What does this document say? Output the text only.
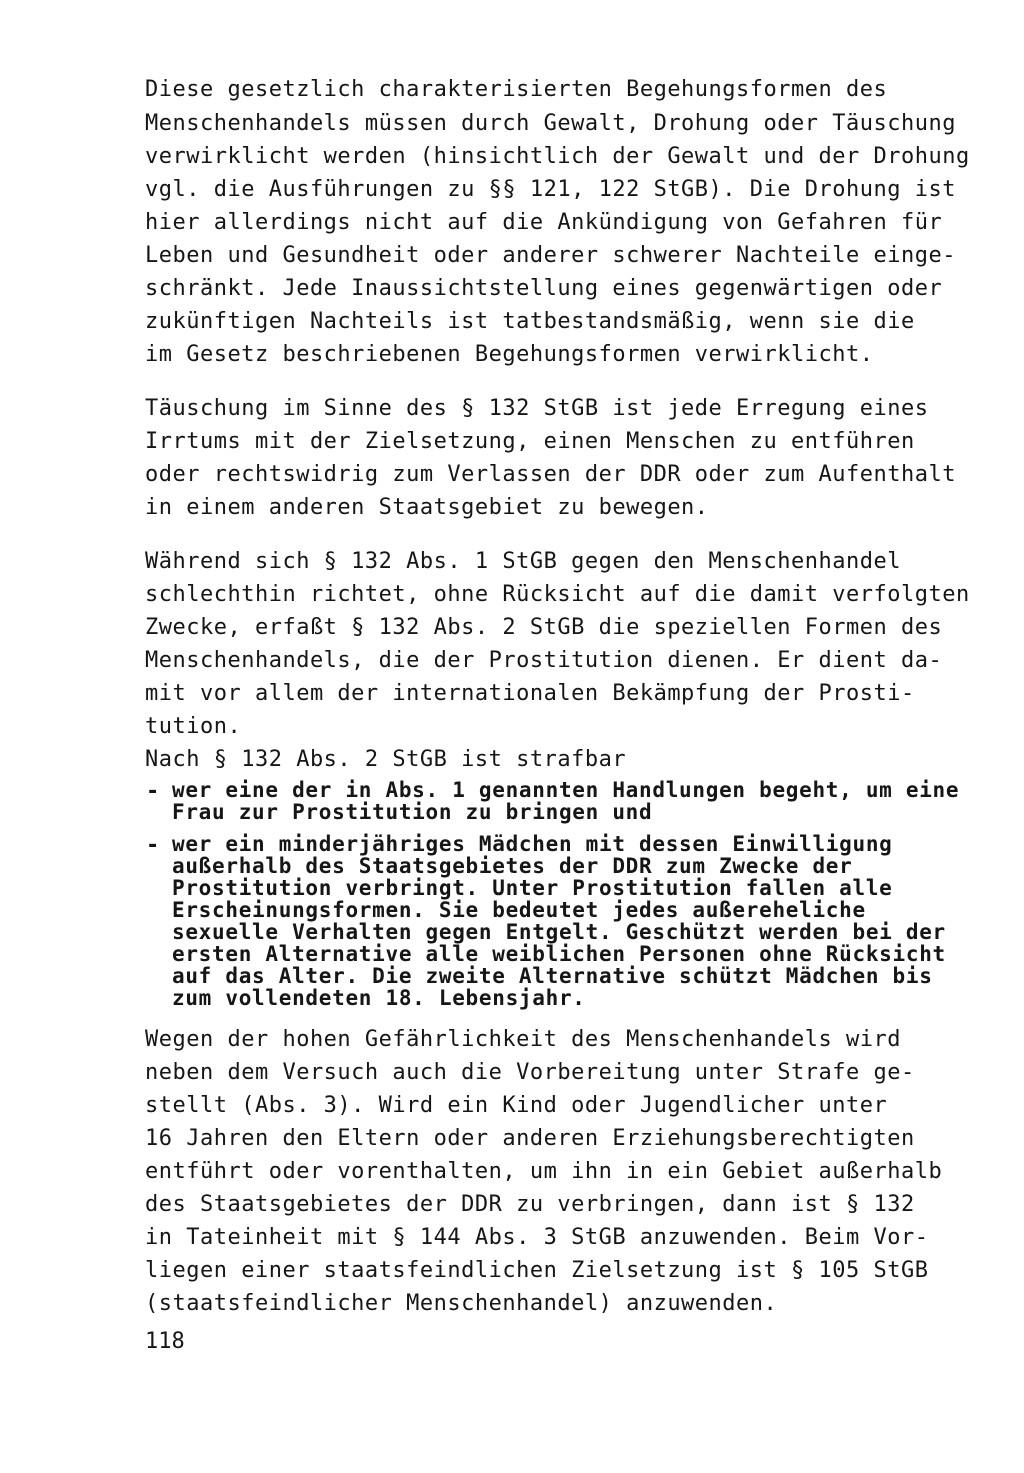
Diese gesetzlich charakterisierten Begehungsformen des
Menschenhandels müssen durch Gewalt, Drohung oder Täuschung
verwirklicht werden (hinsichtlich der Gewalt und der Drohung
vgl. die Ausführungen zu §§ 121, 122 StGB). Die Drohung ist
hier allerdings nicht auf die Ankündigung von Gefahren für
Leben und Gesundheit oder anderer schwerer Nachteile einge-
schränkt. Jede Inaussichtstellung eines gegenwärtigen oder
zukünftigen Nachteils ist tatbestandsmäßig, wenn sie die
im Gesetz beschriebenen Begehungsformen verwirklicht.
Täuschung im Sinne des § 132 StGB ist jede Erregung eines
Irrtums mit der Zielsetzung, einen Menschen zu entführen
oder rechtswidrig zum Verlassen der DDR oder zum Aufenthalt
in einem anderen Staatsgebiet zu bewegen.
Während sich § 132 Abs. 1 StGB gegen den Menschenhandel
schlechthin richtet, ohne Rücksicht auf die damit verfolgten
Zwecke, erfaßt § 132 Abs. 2 StGB die speziellen Formen des
Menschenhandels, die der Prostitution dienen. Er dient da-
mit vor allem der internationalen Bekämpfung der Prosti-
tution.
Nach § 132 Abs. 2 StGB ist strafbar
- wer eine der in Abs. 1 genannten Handlungen begeht, um eine
Frau zur Prostitution zu bringen und
- wer ein minderjähriges Mädchen mit dessen Einwilligung
außerhalb des Staatsgebietes der DDR zum Zwecke der
Prostitution verbringt. Unter Prostitution fallen alle
Erscheinungsformen. Sie bedeutet jedes außereheliche
sexuelle Verhalten gegen Entgelt. Geschützt werden bei der
ersten Alternative alle weiblichen Personen ohne Rücksicht
auf das Alter. Die zweite Alternative schützt Mädchen bis
zum vollendeten 18. Lebensjahr.
Wegen der hohen Gefährlichkeit des Menschenhandels wird
neben dem Versuch auch die Vorbereitung unter Strafe ge-
stellt (Abs. 3). Wird ein Kind oder Jugendlicher unter
16 Jahren den Eltern oder anderen Erziehungsberechtigten
entführt oder vorenthalten, um ihn in ein Gebiet außerhalb
des Staatsgebietes der DDR zu verbringen, dann ist § 132
in Tateinheit mit § 144 Abs. 3 StGB anzuwenden. Beim Vor-
liegen einer staatsfeindlichen Zielsetzung ist § 105 StGB
(staatsfeindlicher Menschenhandel) anzuwenden.
118
